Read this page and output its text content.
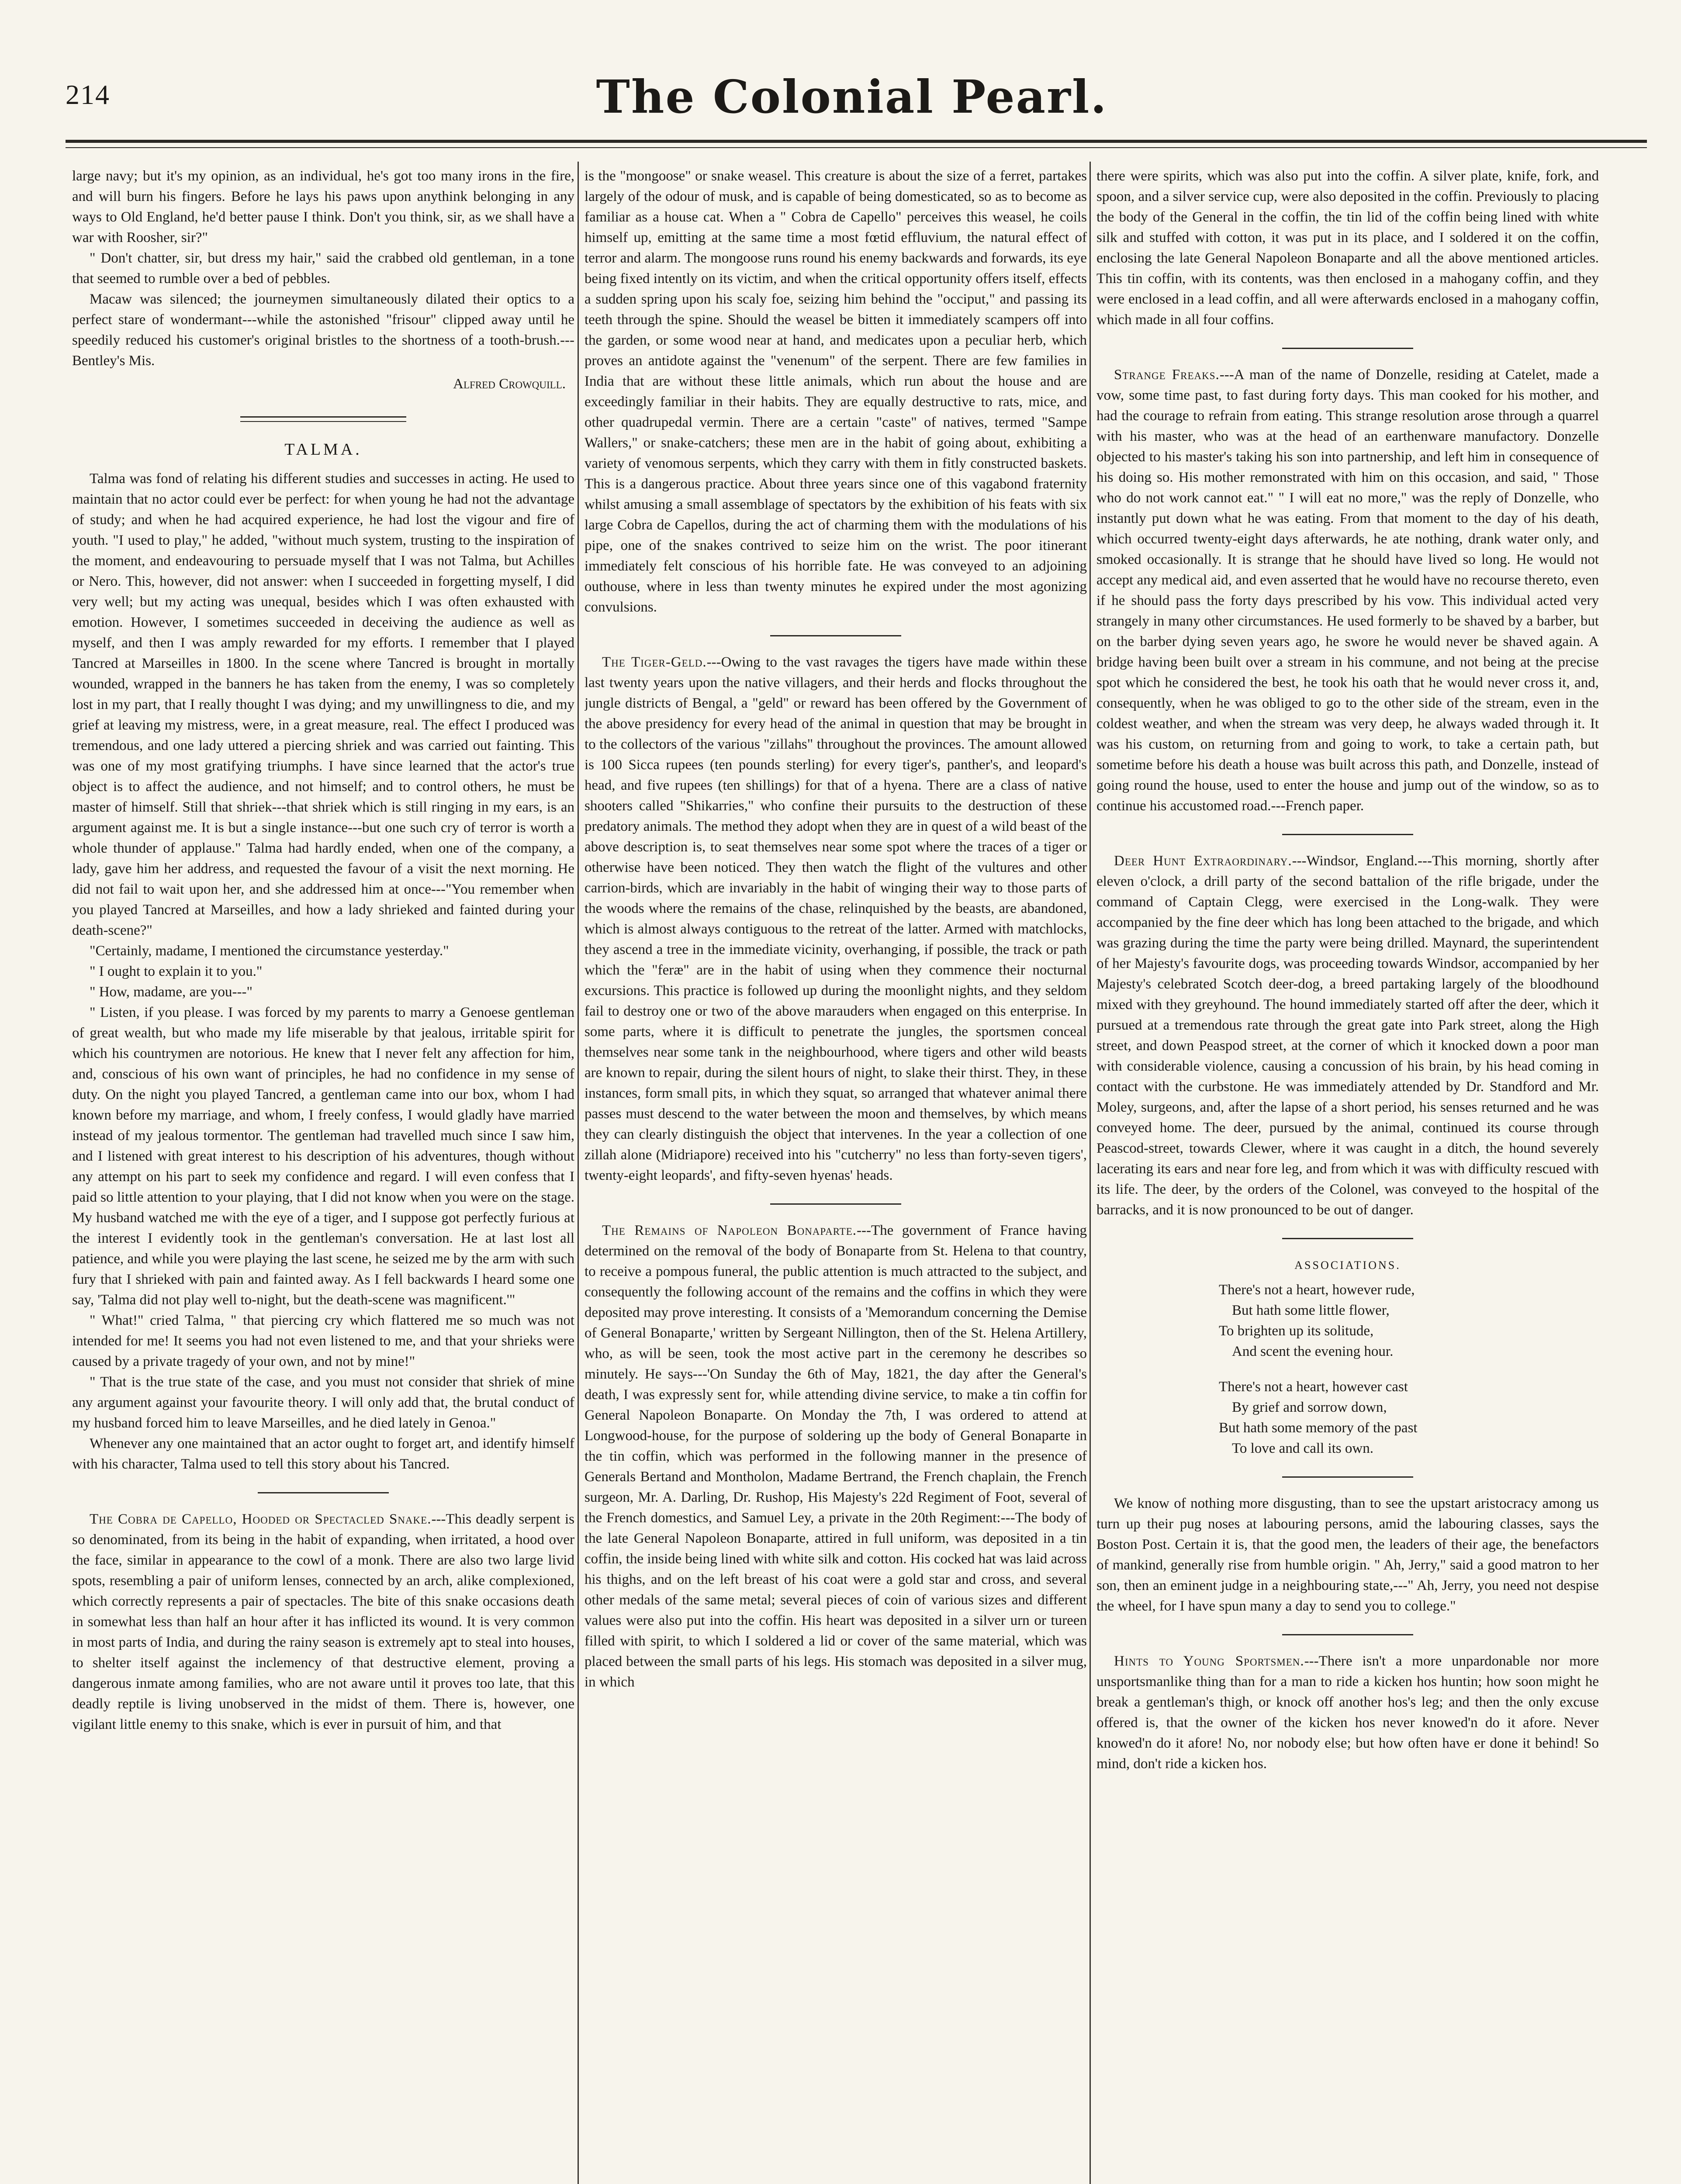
214	The Colonial Pearl.

large navy; but it's my opinion, as an individual, he's got too many irons in the fire, and will burn his fingers. Before he lays his paws upon anythink belonging in any ways to Old England, he'd better pause I think. Don't you think, sir, as we shall have a war with Roosher, sir?"

" Don't chatter, sir, but dress my hair," said the crabbed old gentleman, in a tone that seemed to rumble over a bed of pebbles.

Macaw was silenced; the journeymen simultaneously dilated their optics to a perfect stare of wondermant---while the astonished "frisour" clipped away until he speedily reduced his customer's original bristles to the shortness of a tooth-brush.---Bentley's Mis.

Alfred Crowquill.
TALMA.

Talma was fond of relating his different studies and successes in acting. He used to maintain that no actor could ever be perfect: for when young he had not the advantage of study; and when he had acquired experience, he had lost the vigour and fire of youth. "I used to play," he added, "without much system, trusting to the inspiration of the moment, and endeavouring to persuade myself that I was not Talma, but Achilles or Nero. This, however, did not answer: when I succeeded in forgetting myself, I did very well; but my acting was unequal, besides which I was often exhausted with emotion. However, I sometimes succeeded in deceiving the audience as well as myself, and then I was amply rewarded for my efforts. I remember that I played Tancred at Marseilles in 1800. In the scene where Tancred is brought in mortally wounded, wrapped in the banners he has taken from the enemy, I was so completely lost in my part, that I really thought I was dying; and my unwillingness to die, and my grief at leaving my mistress, were, in a great measure, real. The effect I produced was tremendous, and one lady uttered a piercing shriek and was carried out fainting. This was one of my most gratifying triumphs. I have since learned that the actor's true object is to affect the audience, and not himself; and to control others, he must be master of himself. Still that shriek---that shriek which is still ringing in my ears, is an argument against me. It is but a single instance---but one such cry of terror is worth a whole thunder of applause." Talma had hardly ended, when one of the company, a lady, gave him her address, and requested the favour of a visit the next morning. He did not fail to wait upon her, and she addressed him at once---"You remember when you played Tancred at Marseilles, and how a lady shrieked and fainted during your death-scene?"

"Certainly, madame, I mentioned the circumstance yesterday."

" I ought to explain it to you."

" How, madame, are you---"

" Listen, if you please. I was forced by my parents to marry a Genoese gentleman of great wealth, but who made my life miserable by that jealous, irritable spirit for which his countrymen are notorious. He knew that I never felt any affection for him, and, conscious of his own want of principles, he had no confidence in my sense of duty. On the night you played Tancred, a gentleman came into our box, whom I had known before my marriage, and whom, I freely confess, I would gladly have married instead of my jealous tormentor. The gentleman had travelled much since I saw him, and I listened with great interest to his description of his adventures, though without any attempt on his part to seek my confidence and regard. I will even confess that I paid so little attention to your playing, that I did not know when you were on the stage. My husband watched me with the eye of a tiger, and I suppose got perfectly furious at the interest I evidently took in the gentleman's conversation. He at last lost all patience, and while you were playing the last scene, he seized me by the arm with such fury that I shrieked with pain and fainted away. As I fell backwards I heard some one say, 'Talma did not play well to-night, but the death-scene was magnificent.'"

" What!" cried Talma, " that piercing cry which flattered me so much was not intended for me! It seems you had not even listened to me, and that your shrieks were caused by a private tragedy of your own, and not by mine!"

" That is the true state of the case, and you must not consider that shriek of mine any argument against your favourite theory. I will only add that, the brutal conduct of my husband forced him to leave Marseilles, and he died lately in Genoa."

Whenever any one maintained that an actor ought to forget art, and identify himself with his character, Talma used to tell this story about his Tancred.

The Cobra de Capello, Hooded or Spectacled Snake.---This deadly serpent is so denominated, from its being in the habit of expanding, when irritated, a hood over the face, similar in appearance to the cowl of a monk. There are also two large livid spots, resembling a pair of uniform lenses, connected by an arch, alike complexioned, which correctly represents a pair of spectacles. The bite of this snake occasions death in somewhat less than half an hour after it has inflicted its wound. It is very common in most parts of India, and during the rainy season is extremely apt to steal into houses, to shelter itself against the inclemency of that destructive element, proving a dangerous inmate among families, who are not aware until it proves too late, that this deadly reptile is living unobserved in the midst of them. There is, however, one vigilant little enemy to this snake, which is ever in pursuit of him, and that

is the "mongoose" or snake weasel. This creature is about the size of a ferret, partakes largely of the odour of musk, and is capable of being domesticated, so as to become as familiar as a house cat. When a " Cobra de Capello" perceives this weasel, he coils himself up, emitting at the same time a most fœtid effluvium, the natural effect of terror and alarm. The mongoose runs round his enemy backwards and forwards, its eye being fixed intently on its victim, and when the critical opportunity offers itself, effects a sudden spring upon his scaly foe, seizing him behind the "occiput," and passing its teeth through the spine. Should the weasel be bitten it immediately scampers off into the garden, or some wood near at hand, and medicates upon a peculiar herb, which proves an antidote against the "venenum" of the serpent. There are few families in India that are without these little animals, which run about the house and are exceedingly familiar in their habits. They are equally destructive to rats, mice, and other quadrupedal vermin. There are a certain "caste" of natives, termed "Sampe Wallers," or snake-catchers; these men are in the habit of going about, exhibiting a variety of venomous serpents, which they carry with them in fitly constructed baskets. This is a dangerous practice. About three years since one of this vagabond fraternity whilst amusing a small assemblage of spectators by the exhibition of his feats with six large Cobra de Capellos, during the act of charming them with the modulations of his pipe, one of the snakes contrived to seize him on the wrist. The poor itinerant immediately felt conscious of his horrible fate. He was conveyed to an adjoining outhouse, where in less than twenty minutes he expired under the most agonizing convulsions.

The Tiger-Geld.---Owing to the vast ravages the tigers have made within these last twenty years upon the native villagers, and their herds and flocks throughout the jungle districts of Bengal, a "geld" or reward has been offered by the Government of the above presidency for every head of the animal in question that may be brought in to the collectors of the various "zillahs" throughout the provinces. The amount allowed is 100 Sicca rupees (ten pounds sterling) for every tiger's, panther's, and leopard's head, and five rupees (ten shillings) for that of a hyena. There are a class of native shooters called "Shikarries," who confine their pursuits to the destruction of these predatory animals. The method they adopt when they are in quest of a wild beast of the above description is, to seat themselves near some spot where the traces of a tiger or otherwise have been noticed. They then watch the flight of the vultures and other carrion-birds, which are invariably in the habit of winging their way to those parts of the woods where the remains of the chase, relinquished by the beasts, are abandoned, which is almost always contiguous to the retreat of the latter. Armed with matchlocks, they ascend a tree in the immediate vicinity, overhanging, if possible, the track or path which the "feræ" are in the habit of using when they commence their nocturnal excursions. This practice is followed up during the moonlight nights, and they seldom fail to destroy one or two of the above marauders when engaged on this enterprise. In some parts, where it is difficult to penetrate the jungles, the sportsmen conceal themselves near some tank in the neighbourhood, where tigers and other wild beasts are known to repair, during the silent hours of night, to slake their thirst. They, in these instances, form small pits, in which they squat, so arranged that whatever animal there passes must descend to the water between the moon and themselves, by which means they can clearly distinguish the object that intervenes. In the year a collection of one zillah alone (Midriapore) received into his "cutcherry" no less than forty-seven tigers', twenty-eight leopards', and fifty-seven hyenas' heads.

The Remains of Napoleon Bonaparte.---The government of France having determined on the removal of the body of Bonaparte from St. Helena to that country, to receive a pompous funeral, the public attention is much attracted to the subject, and consequently the following account of the remains and the coffins in which they were deposited may prove interesting. It consists of a 'Memorandum concerning the Demise of General Bonaparte,' written by Sergeant Nillington, then of the St. Helena Artillery, who, as will be seen, took the most active part in the ceremony he describes so minutely. He says---'On Sunday the 6th of May, 1821, the day after the General's death, I was expressly sent for, while attending divine service, to make a tin coffin for General Napoleon Bonaparte. On Monday the 7th, I was ordered to attend at Longwood-house, for the purpose of soldering up the body of General Bonaparte in the tin coffin, which was performed in the following manner in the presence of Generals Bertand and Montholon, Madame Bertrand, the French chaplain, the French surgeon, Mr. A. Darling, Dr. Rushop, His Majesty's 22d Regiment of Foot, several of the French domestics, and Samuel Ley, a private in the 20th Regiment:---The body of the late General Napoleon Bonaparte, attired in full uniform, was deposited in a tin coffin, the inside being lined with white silk and cotton. His cocked hat was laid across his thighs, and on the left breast of his coat were a gold star and cross, and several other medals of the same metal; several pieces of coin of various sizes and different values were also put into the coffin. His heart was deposited in a silver urn or tureen filled with spirit, to which I soldered a lid or cover of the same material, which was placed between the small parts of his legs. His stomach was deposited in a silver mug, in which

there were spirits, which was also put into the coffin. A silver plate, knife, fork, and spoon, and a silver service cup, were also deposited in the coffin. Previously to placing the body of the General in the coffin, the tin lid of the coffin being lined with white silk and stuffed with cotton, it was put in its place, and I soldered it on the coffin, enclosing the late General Napoleon Bonaparte and all the above mentioned articles. This tin coffin, with its contents, was then enclosed in a mahogany coffin, and they were enclosed in a lead coffin, and all were afterwards enclosed in a mahogany coffin, which made in all four coffins.

Strange Freaks.---A man of the name of Donzelle, residing at Catelet, made a vow, some time past, to fast during forty days. This man cooked for his mother, and had the courage to refrain from eating. This strange resolution arose through a quarrel with his master, who was at the head of an earthenware manufactory. Donzelle objected to his master's taking his son into partnership, and left him in consequence of his doing so. His mother remonstrated with him on this occasion, and said, " Those who do not work cannot eat." " I will eat no more," was the reply of Donzelle, who instantly put down what he was eating. From that moment to the day of his death, which occurred twenty-eight days afterwards, he ate nothing, drank water only, and smoked occasionally. It is strange that he should have lived so long. He would not accept any medical aid, and even asserted that he would have no recourse thereto, even if he should pass the forty days prescribed by his vow. This individual acted very strangely in many other circumstances. He used formerly to be shaved by a barber, but on the barber dying seven years ago, he swore he would never be shaved again. A bridge having been built over a stream in his commune, and not being at the precise spot which he considered the best, he took his oath that he would never cross it, and, consequently, when he was obliged to go to the other side of the stream, even in the coldest weather, and when the stream was very deep, he always waded through it. It was his custom, on returning from and going to work, to take a certain path, but sometime before his death a house was built across this path, and Donzelle, instead of going round the house, used to enter the house and jump out of the window, so as to continue his accustomed road.---French paper.

Deer Hunt Extraordinary.---Windsor, England.---This morning, shortly after eleven o'clock, a drill party of the second battalion of the rifle brigade, under the command of Captain Clegg, were exercised in the Long-walk. They were accompanied by the fine deer which has long been attached to the brigade, and which was grazing during the time the party were being drilled. Maynard, the superintendent of her Majesty's favourite dogs, was proceeding towards Windsor, accompanied by her Majesty's celebrated Scotch deer-dog, a breed partaking largely of the bloodhound mixed with they greyhound. The hound immediately started off after the deer, which it pursued at a tremendous rate through the great gate into Park street, along the High street, and down Peaspod street, at the corner of which it knocked down a poor man with considerable violence, causing a concussion of his brain, by his head coming in contact with the curbstone. He was immediately attended by Dr. Standford and Mr. Moley, surgeons, and, after the lapse of a short period, his senses returned and he was conveyed home. The deer, pursued by the animal, continued its course through Peascod-street, towards Clewer, where it was caught in a ditch, the hound severely lacerating its ears and near fore leg, and from which it was with difficulty rescued with its life. The deer, by the orders of the Colonel, was conveyed to the hospital of the barracks, and it is now pronounced to be out of danger.

ASSOCIATIONS.
There's not a heart, however rude,
But hath some little flower,
To brighten up its solitude,
And scent the evening hour.
There's not a heart, however cast
By grief and sorrow down,
But hath some memory of the past
To love and call its own.

We know of nothing more disgusting, than to see the upstart aristocracy among us turn up their pug noses at labouring persons, amid the labouring classes, says the Boston Post. Certain it is, that the good men, the leaders of their age, the benefactors of mankind, generally rise from humble origin. " Ah, Jerry," said a good matron to her son, then an eminent judge in a neighbouring state,---" Ah, Jerry, you need not despise the wheel, for I have spun many a day to send you to college."

Hints to Young Sportsmen.---There isn't a more unpardonable nor more unsportsmanlike thing than for a man to ride a kicken hos huntin; how soon might he break a gentleman's thigh, or knock off another hos's leg; and then the only excuse offered is, that the owner of the kicken hos never knowed'n do it afore. Never knowed'n do it afore! No, nor nobody else; but how often have er done it behind! So mind, don't ride a kicken hos.
